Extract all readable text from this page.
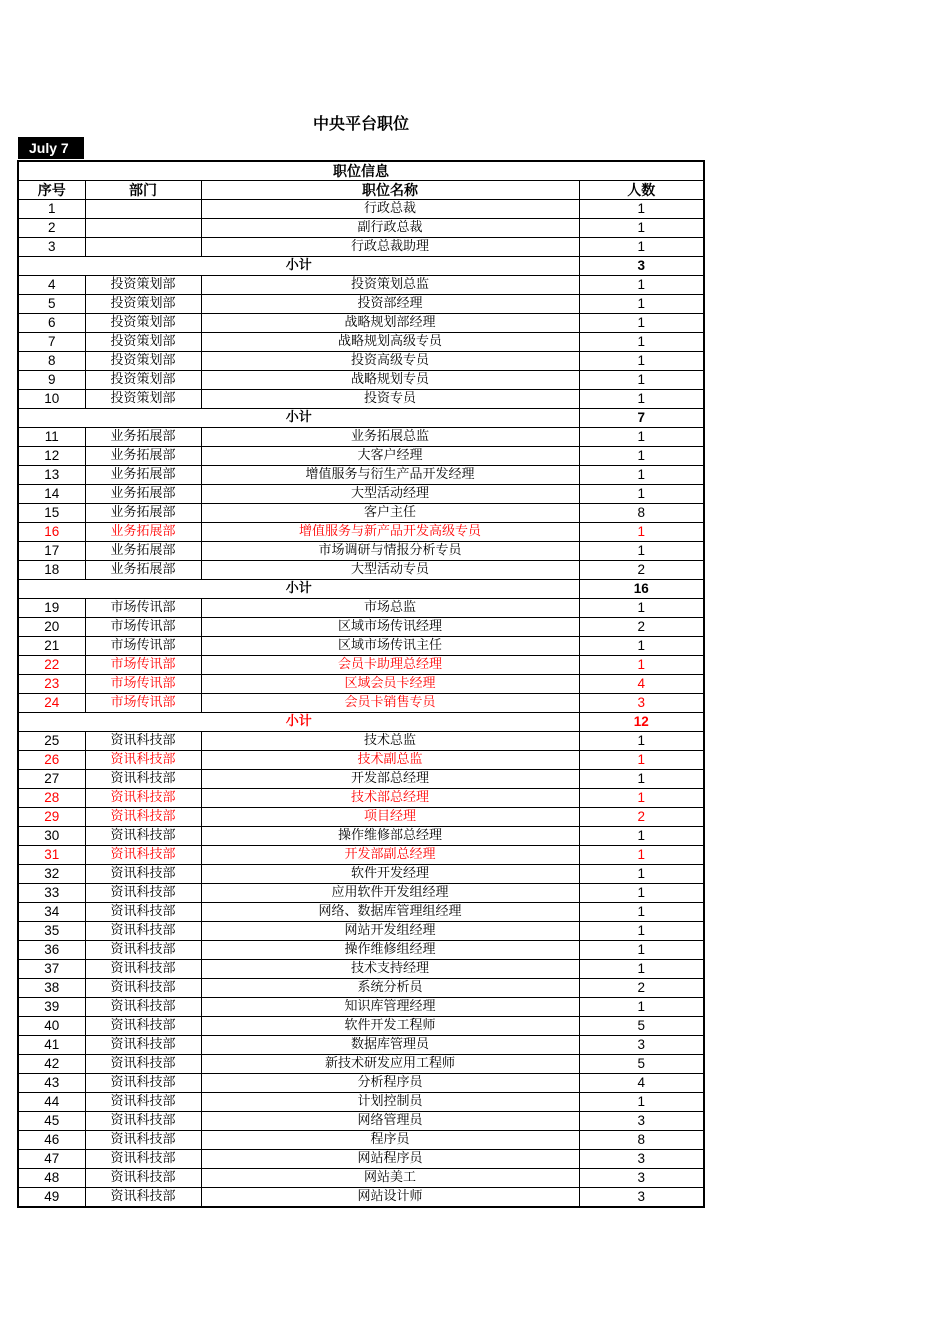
中央平台职位
July 7
职位信息			
序号	部门	职位名称	人数
1		行政总裁	1
2		副行政总裁	1
3		行政总裁助理	1
小计			3
4	投资策划部	投资策划总监	1
5	投资策划部	投资部经理	1
6	投资策划部	战略规划部经理	1
7	投资策划部	战略规划高级专员	1
8	投资策划部	投资高级专员	1
9	投资策划部	战略规划专员	1
10	投资策划部	投资专员	1
小计			7
11	业务拓展部	业务拓展总监	1
12	业务拓展部	大客户经理	1
13	业务拓展部	增值服务与衍生产品开发经理	1
14	业务拓展部	大型活动经理	1
15	业务拓展部	客户主任	8
16	业务拓展部	增值服务与新产品开发高级专员	1
17	业务拓展部	市场调研与情报分析专员	1
18	业务拓展部	大型活动专员	2
小计			16
19	市场传讯部	市场总监	1
20	市场传讯部	区域市场传讯经理	2
21	市场传讯部	区域市场传讯主任	1
22	市场传讯部	会员卡助理总经理	1
23	市场传讯部	区域会员卡经理	4
24	市场传讯部	会员卡销售专员	3
小计			12
25	资讯科技部	技术总监	1
26	资讯科技部	技术副总监	1
27	资讯科技部	开发部总经理	1
28	资讯科技部	技术部总经理	1
29	资讯科技部	项目经理	2
30	资讯科技部	操作维修部总经理	1
31	资讯科技部	开发部副总经理	1
32	资讯科技部	软件开发经理	1
33	资讯科技部	应用软件开发组经理	1
34	资讯科技部	网络、数据库管理组经理	1
35	资讯科技部	网站开发组经理	1
36	资讯科技部	操作维修组经理	1
37	资讯科技部	技术支持经理	1
38	资讯科技部	系统分析员	2
39	资讯科技部	知识库管理经理	1
40	资讯科技部	软件开发工程师	5
41	资讯科技部	数据库管理员	3
42	资讯科技部	新技术研发应用工程师	5
43	资讯科技部	分析程序员	4
44	资讯科技部	计划控制员	1
45	资讯科技部	网络管理员	3
46	资讯科技部	程序员	8
47	资讯科技部	网站程序员	3
48	资讯科技部	网站美工	3
49	资讯科技部	网站设计师	3
